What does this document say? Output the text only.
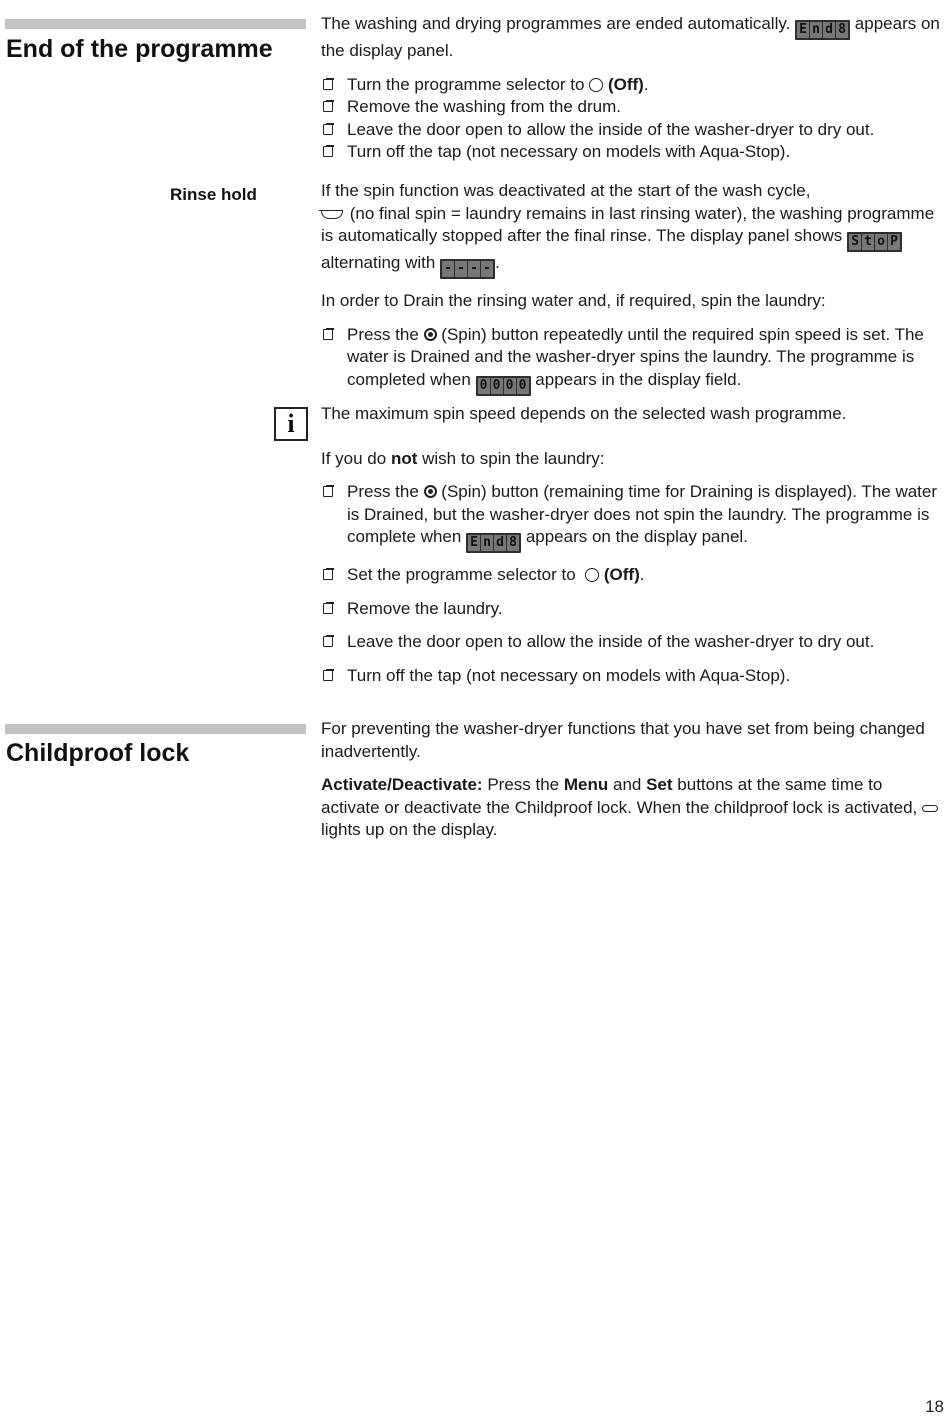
End of the programme

The washing and drying programmes are ended automatically. E n d 8 appears on the display panel.

Turn the programme selector to (Off).
Remove the washing from the drum.
Leave the door open to allow the inside of the washer-dryer to dry out.
Turn off the tap (not necessary on models with Aqua-Stop).
Rinse hold	If the spin function was deactivated at the start of the wash cycle,
(no final spin = laundry remains in last rinsing water), the washing programme is automatically stopped after the final rinse. The display panel shows S t o P
alternating with - - - - .

In order to Drain the rinsing water and, if required, spin the laundry:

Press the (Spin) button repeatedly until the required spin speed is set. The water is Drained and the washer-dryer spins the laundry. The programme is completed when 0 0 0 0 appears in the display field.
i	The maximum spin speed depends on the selected wash programme.

If you do not wish to spin the laundry:

Press the (Spin) button (remaining time for Draining is displayed). The water is Drained, but the washer-dryer does not spin the laundry. The programme is complete when E n d 8 appears on the display panel.
Set the programme selector to (Off).
Remove the laundry.
Leave the door open to allow the inside of the washer-dryer to dry out.
Turn off the tap (not necessary on models with Aqua-Stop).
Childproof lock

For preventing the washer-dryer functions that you have set from being changed inadvertently.

Activate/Deactivate: Press the Menu and Set buttons at the same time to activate or deactivate the Childproof lock. When the childproof lock is activated,  lights up on the display.

18
